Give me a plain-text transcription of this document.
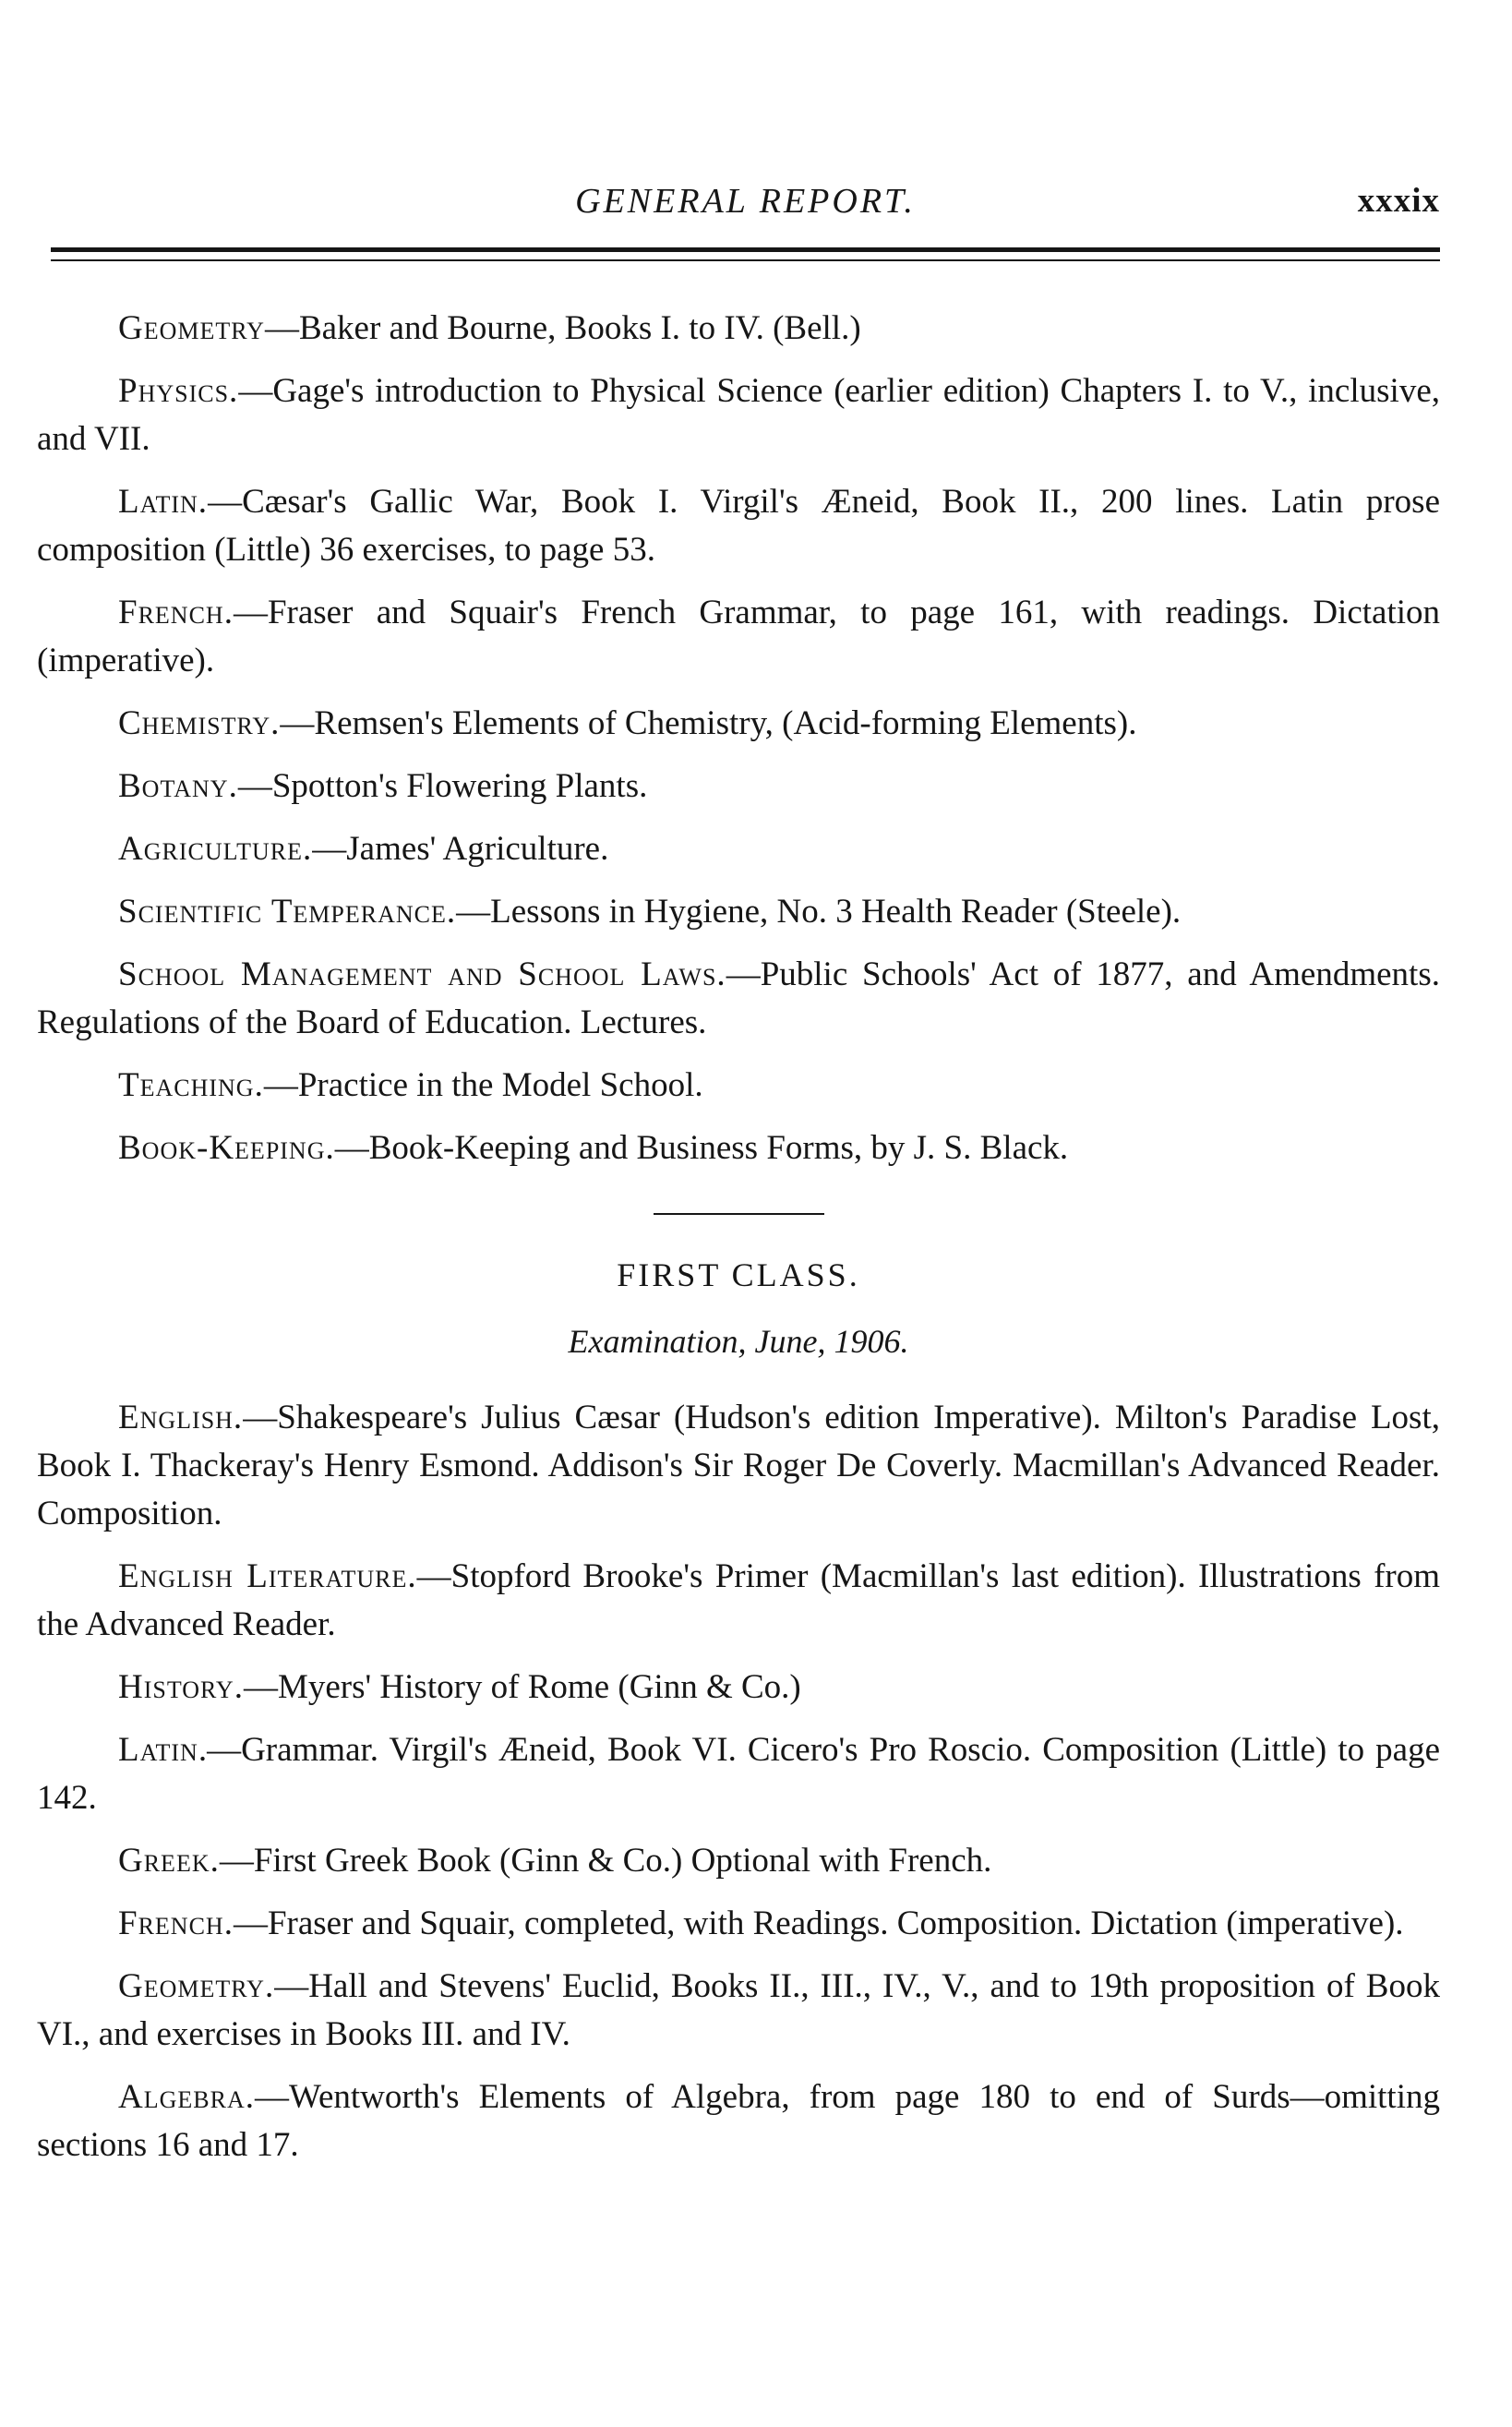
GENERAL REPORT.	xxxix

Geometry—Baker and Bourne, Books I. to IV. (Bell.)

Physics.—Gage's introduction to Physical Science (earlier edition) Chapters I. to V., inclusive, and VII.

Latin.—Cæsar's Gallic War, Book I. Virgil's Æneid, Book II., 200 lines. Latin prose composition (Little) 36 exercises, to page 53.

French.—Fraser and Squair's French Grammar, to page 161, with readings. Dictation (imperative).

Chemistry.—Remsen's Elements of Chemistry, (Acid-forming Elements).

Botany.—Spotton's Flowering Plants.

Agriculture.—James' Agriculture.

Scientific Temperance.—Lessons in Hygiene, No. 3 Health Reader (Steele).

School Management and School Laws.—Public Schools' Act of 1877, and Amendments. Regulations of the Board of Education. Lectures.

Teaching.—Practice in the Model School.

Book-Keeping.—Book-Keeping and Business Forms, by J. S. Black.

FIRST CLASS.
Examination, June, 1906.

English.—Shakespeare's Julius Cæsar (Hudson's edition Imperative). Milton's Paradise Lost, Book I. Thackeray's Henry Esmond. Addison's Sir Roger De Coverly. Macmillan's Advanced Reader. Composition.

English Literature.—Stopford Brooke's Primer (Macmillan's last edition). Illustrations from the Advanced Reader.

History.—Myers' History of Rome (Ginn & Co.)

Latin.—Grammar. Virgil's Æneid, Book VI. Cicero's Pro Roscio. Composition (Little) to page 142.

Greek.—First Greek Book (Ginn & Co.) Optional with French.

French.—Fraser and Squair, completed, with Readings. Composition. Dictation (imperative).

Geometry.—Hall and Stevens' Euclid, Books II., III., IV., V., and to 19th proposition of Book VI., and exercises in Books III. and IV.

Algebra.—Wentworth's Elements of Algebra, from page 180 to end of Surds—omitting sections 16 and 17.
